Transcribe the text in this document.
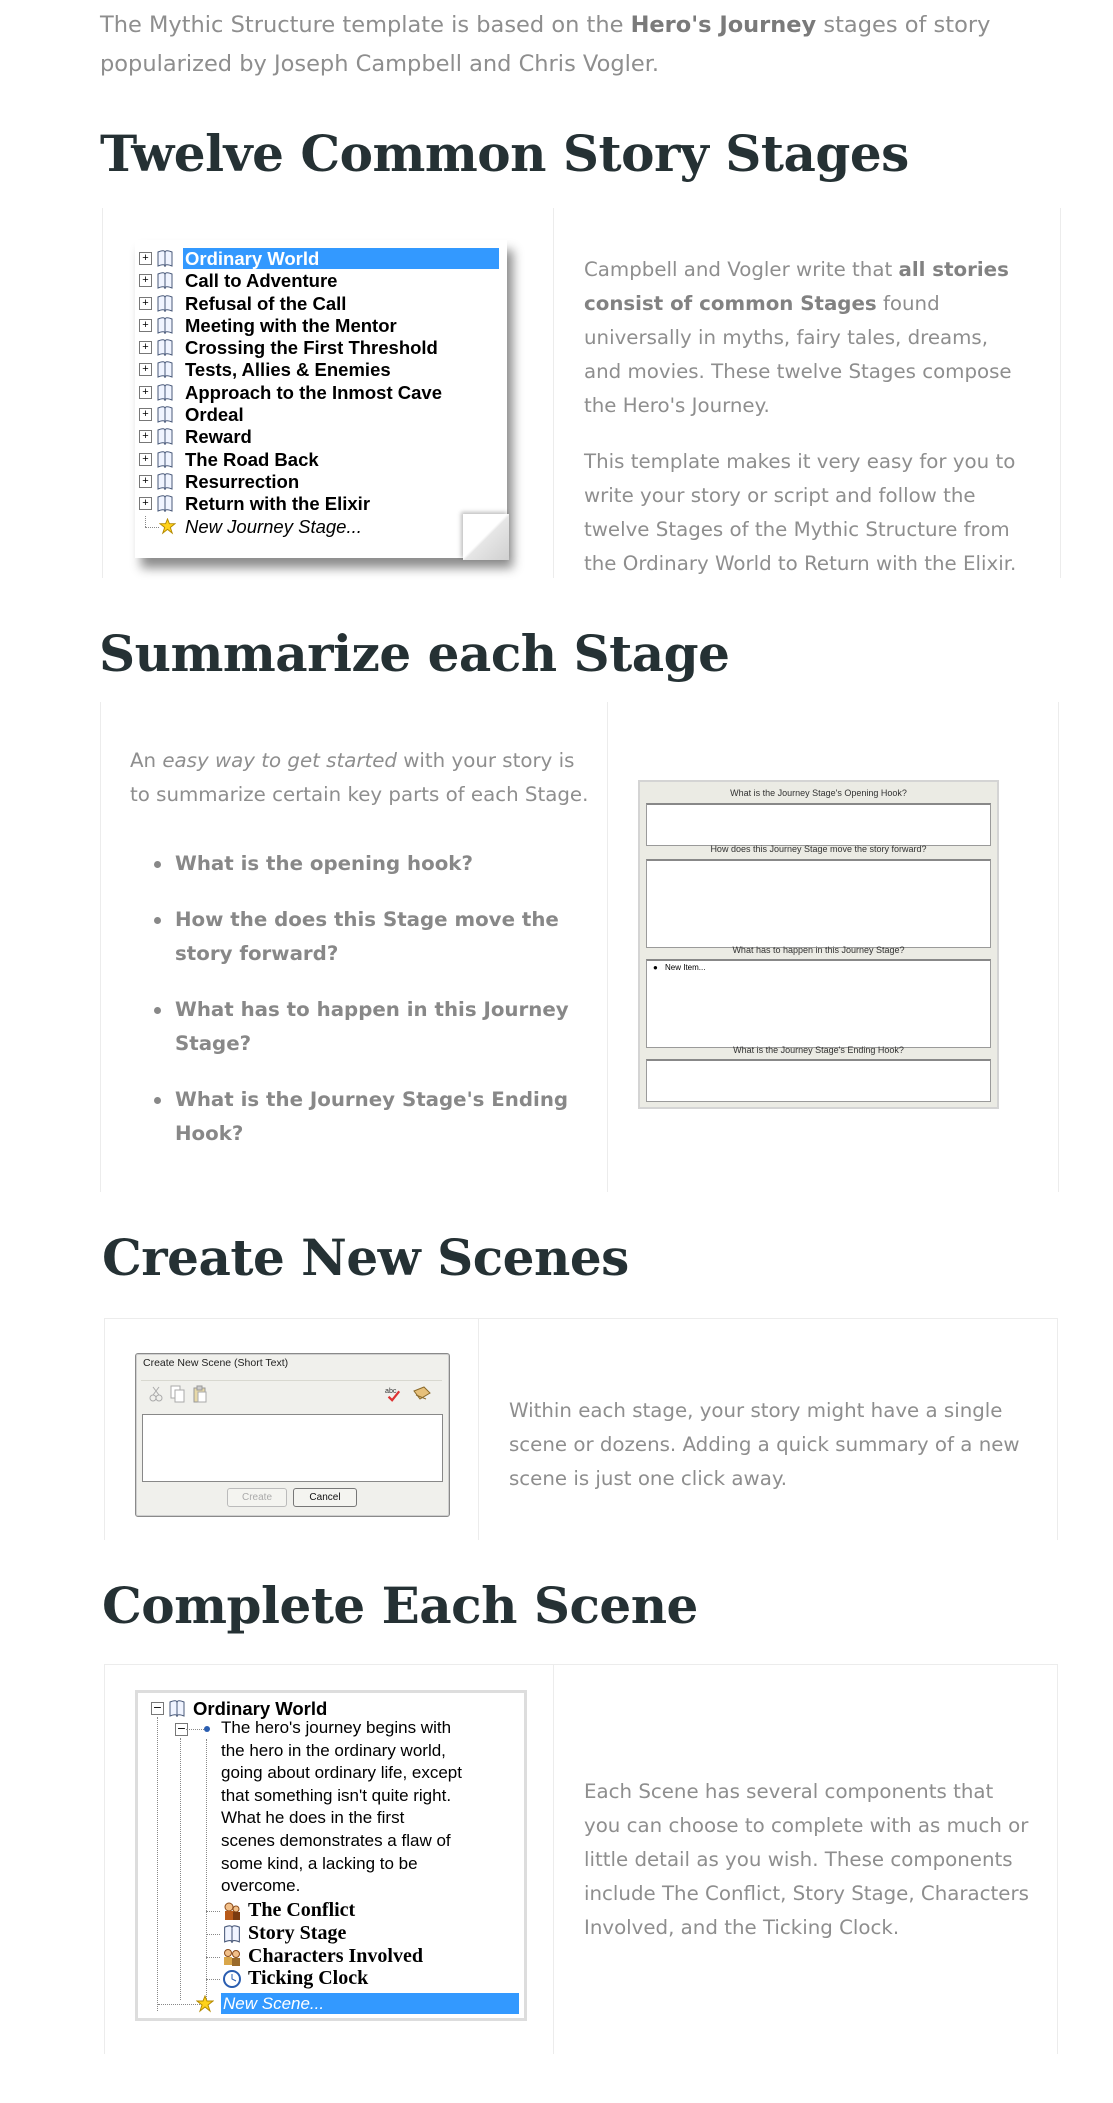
The Mythic Structure template is based on the Hero's Journey stages of story popularized by Joseph Campbell and Chris Vogler.
Twelve Common Story Stages
+ Ordinary World
+ Call to Adventure
+ Refusal of the Call
+ Meeting with the Mentor
+ Crossing the First Threshold
+ Tests, Allies & Enemies
+ Approach to the Inmost Cave
+ Ordeal
+ Reward
+ The Road Back
+ Resurrection
+ Return with the Elixir
New Journey Stage...
Campbell and Vogler write that all stories consist of common Stages found universally in myths, fairy tales, dreams, and movies. These twelve Stages compose the Hero's Journey.
This template makes it very easy for you to write your story or script and follow the twelve Stages of the Mythic Structure from the Ordinary World to Return with the Elixir.
Summarize each Stage
An easy way to get started with your story is to summarize certain key parts of each Stage.
What is the opening hook?
How the does this Stage move the story forward?
What has to happen in this Journey Stage?
What is the Journey Stage's Ending Hook?
What is the Journey Stage's Opening Hook?
How does this Journey Stage move the story forward?
What has to happen in this Journey Stage?
● New Item...
What is the Journey Stage's Ending Hook?
Create New Scenes
Create New Scene (Short Text)
abc
Create	Cancel
Within each stage, your story might have a single scene or dozens. Adding a quick summary of a new scene is just one click away.
Complete Each Scene
− Ordinary World
− The hero's journey begins with
the hero in the ordinary world,
going about ordinary life, except
that something isn't quite right.
What he does in the first
scenes demonstrates a flaw of
some kind, a lacking to be
overcome.
The Conflict
Story Stage
Characters Involved
Ticking Clock
New Scene...
Each Scene has several components that you can choose to complete with as much or little detail as you wish. These components include The Conflict, Story Stage, Characters Involved, and the Ticking Clock.
